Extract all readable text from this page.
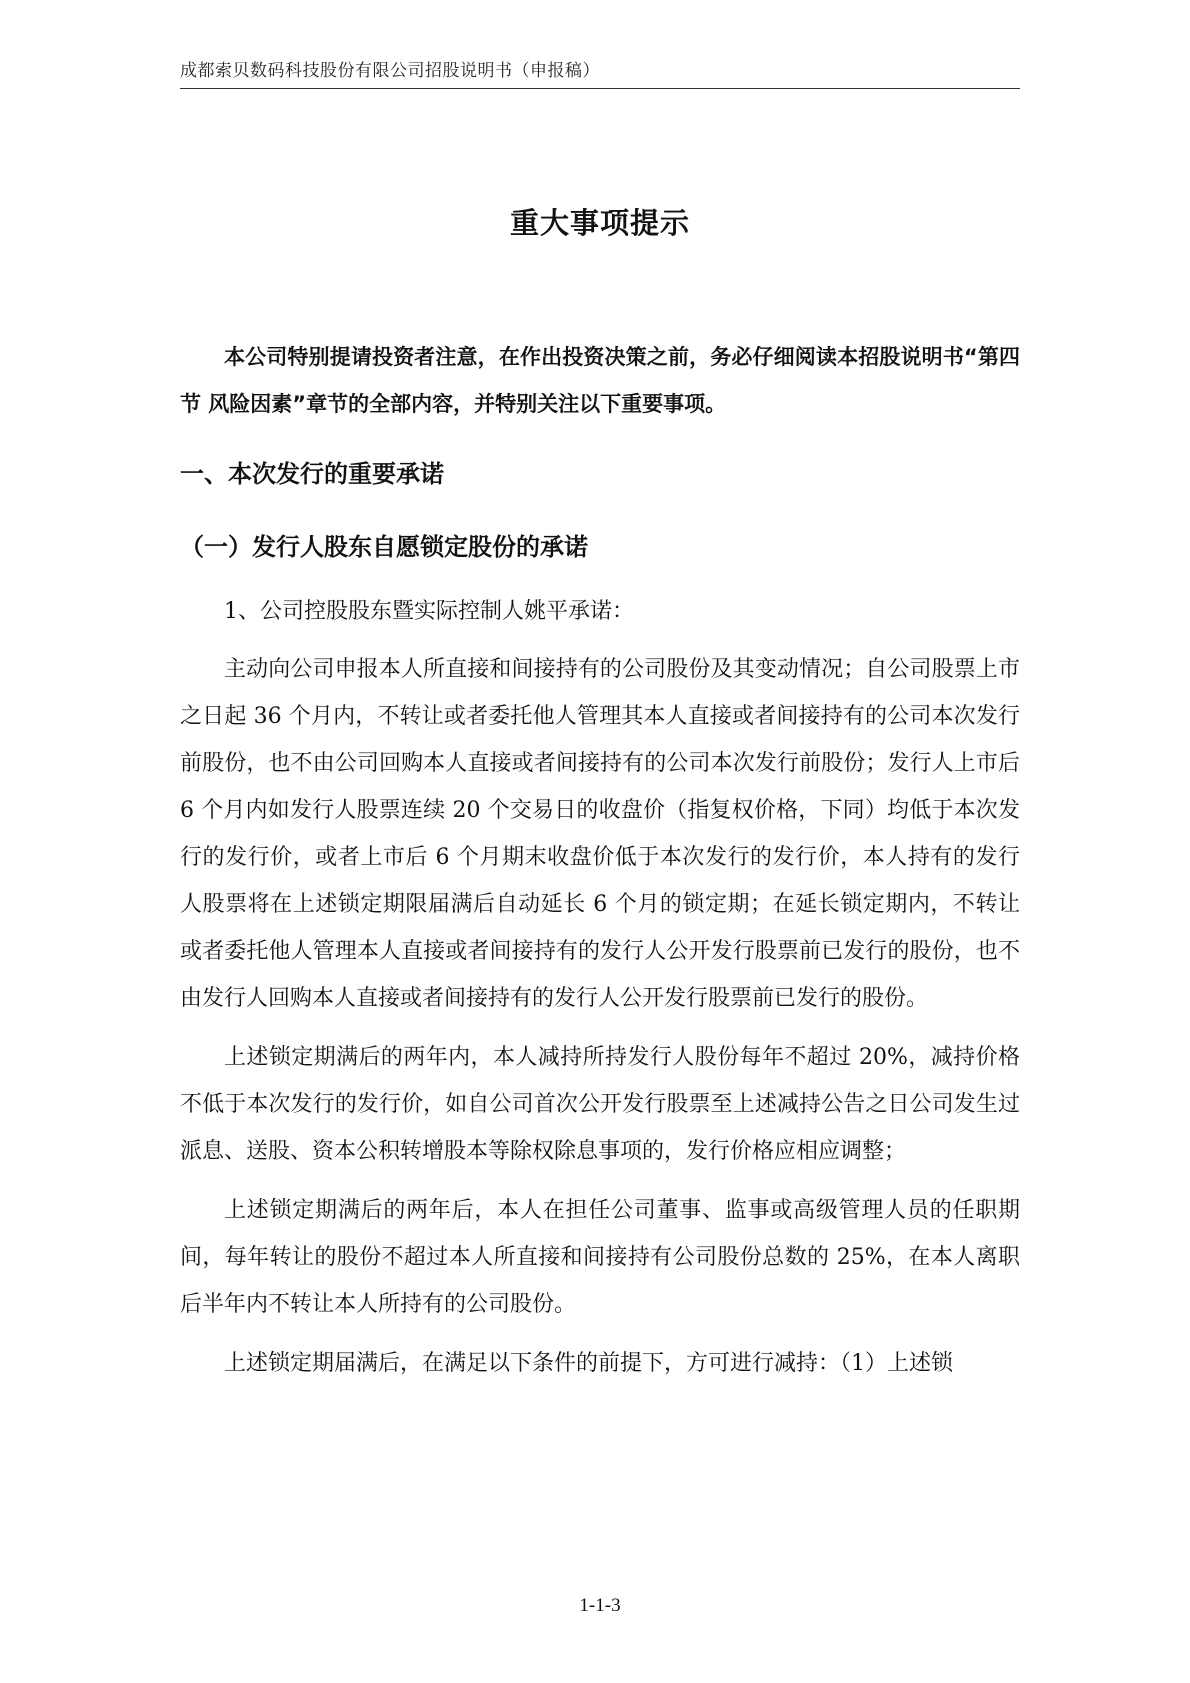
成都索贝数码科技股份有限公司招股说明书（申报稿）
重大事项提示

本公司特别提请投资者注意，在作出投资决策之前，务必仔细阅读本招股说明书“第四节 风险因素”章节的全部内容，并特别关注以下重要事项。

一、本次发行的重要承诺
（一）发行人股东自愿锁定股份的承诺

1、公司控股股东暨实际控制人姚平承诺：

主动向公司申报本人所直接和间接持有的公司股份及其变动情况；自公司股票上市之日起 36 个月内，不转让或者委托他人管理其本人直接或者间接持有的公司本次发行前股份，也不由公司回购本人直接或者间接持有的公司本次发行前股份；发行人上市后 6 个月内如发行人股票连续 20 个交易日的收盘价（指复权价格，下同）均低于本次发行的发行价，或者上市后 6 个月期末收盘价低于本次发行的发行价，本人持有的发行人股票将在上述锁定期限届满后自动延长 6 个月的锁定期；在延长锁定期内，不转让或者委托他人管理本人直接或者间接持有的发行人公开发行股票前已发行的股份，也不由发行人回购本人直接或者间接持有的发行人公开发行股票前已发行的股份。

上述锁定期满后的两年内，本人减持所持发行人股份每年不超过 20%，减持价格不低于本次发行的发行价，如自公司首次公开发行股票至上述减持公告之日公司发生过派息、送股、资本公积转增股本等除权除息事项的，发行价格应相应调整；

上述锁定期满后的两年后，本人在担任公司董事、监事或高级管理人员的任职期间，每年转让的股份不超过本人所直接和间接持有公司股份总数的 25%，在本人离职后半年内不转让本人所持有的公司股份。

上述锁定期届满后，在满足以下条件的前提下，方可进行减持：（1）上述锁

1-1-3
